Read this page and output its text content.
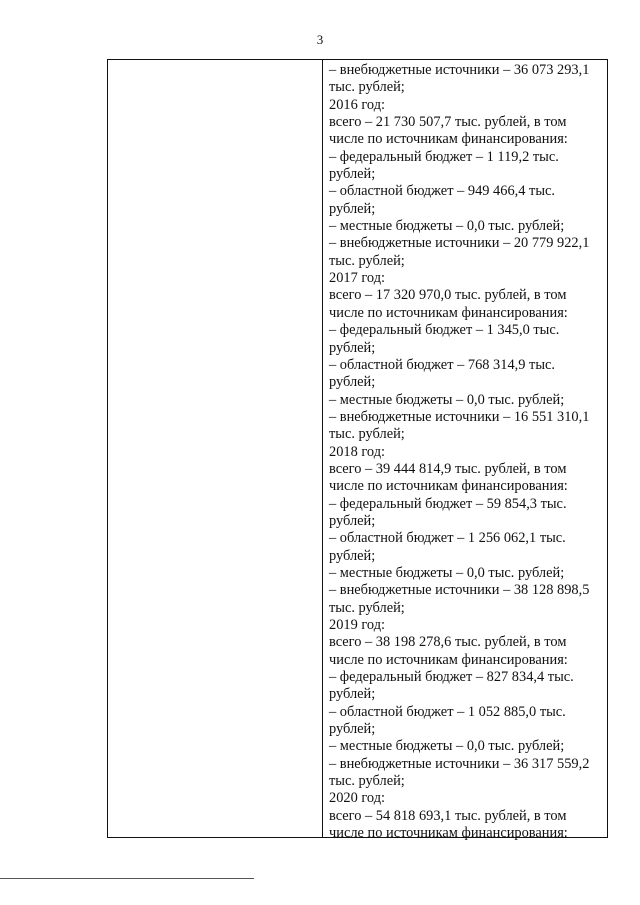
3
– внебюджетные источники – 36 073 293,1
тыс. рублей;
2016 год:
всего – 21 730 507,7 тыс. рублей, в том
числе по источникам финансирования:
– федеральный бюджет – 1 119,2 тыс.
рублей;
– областной бюджет – 949 466,4 тыс.
рублей;
– местные бюджеты – 0,0 тыс. рублей;
– внебюджетные источники – 20 779 922,1
тыс. рублей;
2017 год:
всего – 17 320 970,0 тыс. рублей, в том
числе по источникам финансирования:
– федеральный бюджет – 1 345,0 тыс.
рублей;
– областной бюджет – 768 314,9 тыс.
рублей;
– местные бюджеты – 0,0 тыс. рублей;
– внебюджетные источники – 16 551 310,1
тыс. рублей;
2018 год:
всего – 39 444 814,9 тыс. рублей, в том
числе по источникам финансирования:
– федеральный бюджет – 59 854,3 тыс.
рублей;
– областной бюджет – 1 256 062,1 тыс.
рублей;
– местные бюджеты – 0,0 тыс. рублей;
– внебюджетные источники – 38 128 898,5
тыс. рублей;
2019 год:
всего – 38 198 278,6 тыс. рублей, в том
числе по источникам финансирования:
– федеральный бюджет – 827 834,4 тыс.
рублей;
– областной бюджет – 1 052 885,0 тыс.
рублей;
– местные бюджеты – 0,0 тыс. рублей;
– внебюджетные источники – 36 317 559,2
тыс. рублей;
2020 год:
всего – 54 818 693,1 тыс. рублей, в том
числе по источникам финансирования:
